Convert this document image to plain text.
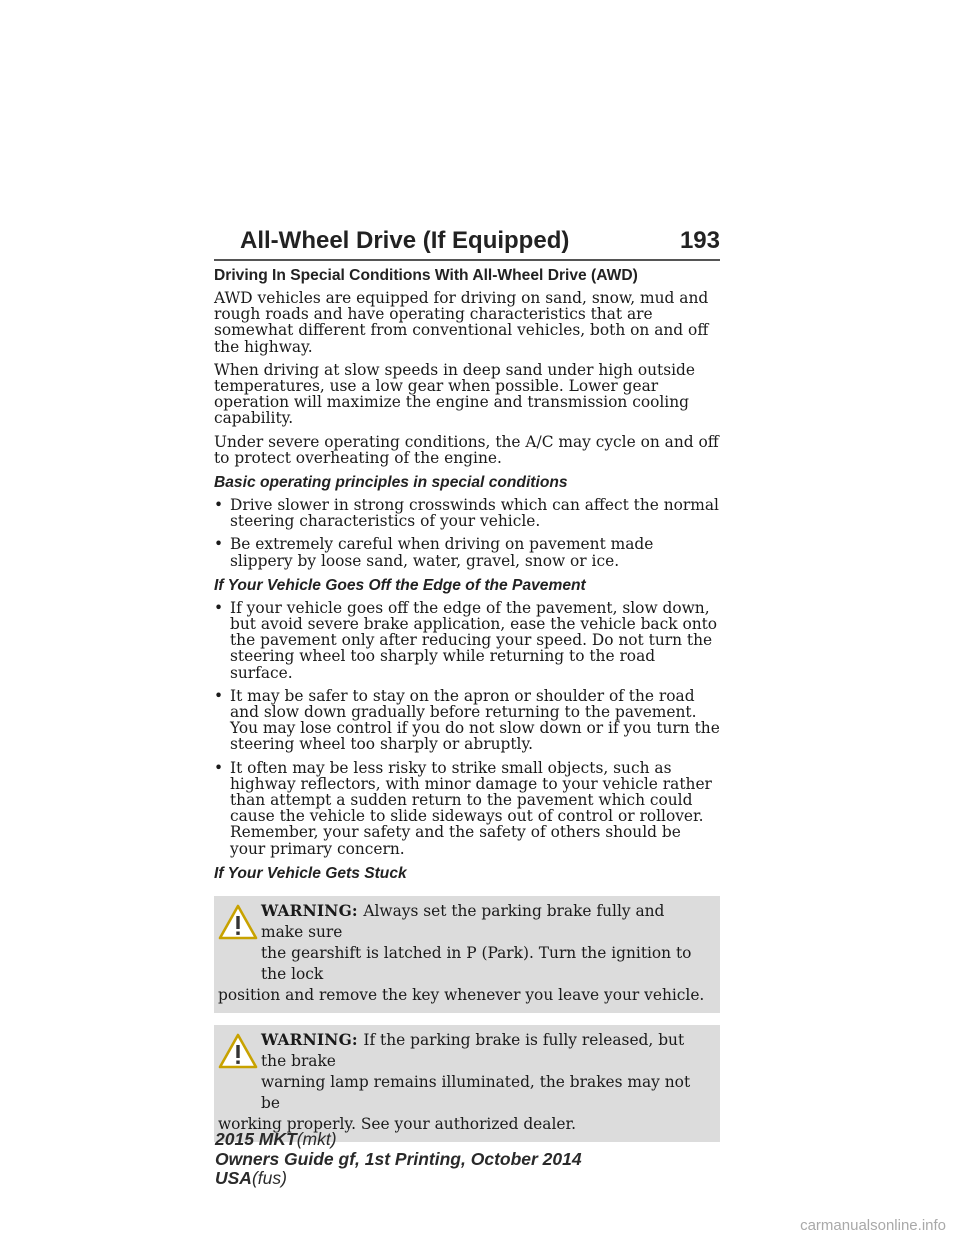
All-Wheel Drive (If Equipped)	193
Driving In Special Conditions With All-Wheel Drive (AWD)

AWD vehicles are equipped for driving on sand, snow, mud and rough roads and have operating characteristics that are somewhat different from conventional vehicles, both on and off the highway.

When driving at slow speeds in deep sand under high outside temperatures, use a low gear when possible. Lower gear operation will maximize the engine and transmission cooling capability.

Under severe operating conditions, the A/C may cycle on and off to protect overheating of the engine.

Basic operating principles in special conditions
• Drive slower in strong crosswinds which can affect the normal steering characteristics of your vehicle.
• Be extremely careful when driving on pavement made slippery by loose sand, water, gravel, snow or ice.
If Your Vehicle Goes Off the Edge of the Pavement
• If your vehicle goes off the edge of the pavement, slow down, but avoid severe brake application, ease the vehicle back onto the pavement only after reducing your speed. Do not turn the steering wheel too sharply while returning to the road surface.
• It may be safer to stay on the apron or shoulder of the road and slow down gradually before returning to the pavement. You may lose control if you do not slow down or if you turn the steering wheel too sharply or abruptly.
• It often may be less risky to strike small objects, such as highway reflectors, with minor damage to your vehicle rather than attempt a sudden return to the pavement which could cause the vehicle to slide sideways out of control or rollover. Remember, your safety and the safety of others should be your primary concern.
If Your Vehicle Gets Stuck
WARNING: Always set the parking brake fully and make sure
the gearshift is latched in P (Park). Turn the ignition to the lock
position and remove the key whenever you leave your vehicle.
WARNING: If the parking brake is fully released, but the brake
warning lamp remains illuminated, the brakes may not be
working properly. See your authorized dealer.
2015 MKT(mkt)
Owners Guide gf, 1st Printing, October 2014
USA(fus)
carmanualsonline.info
